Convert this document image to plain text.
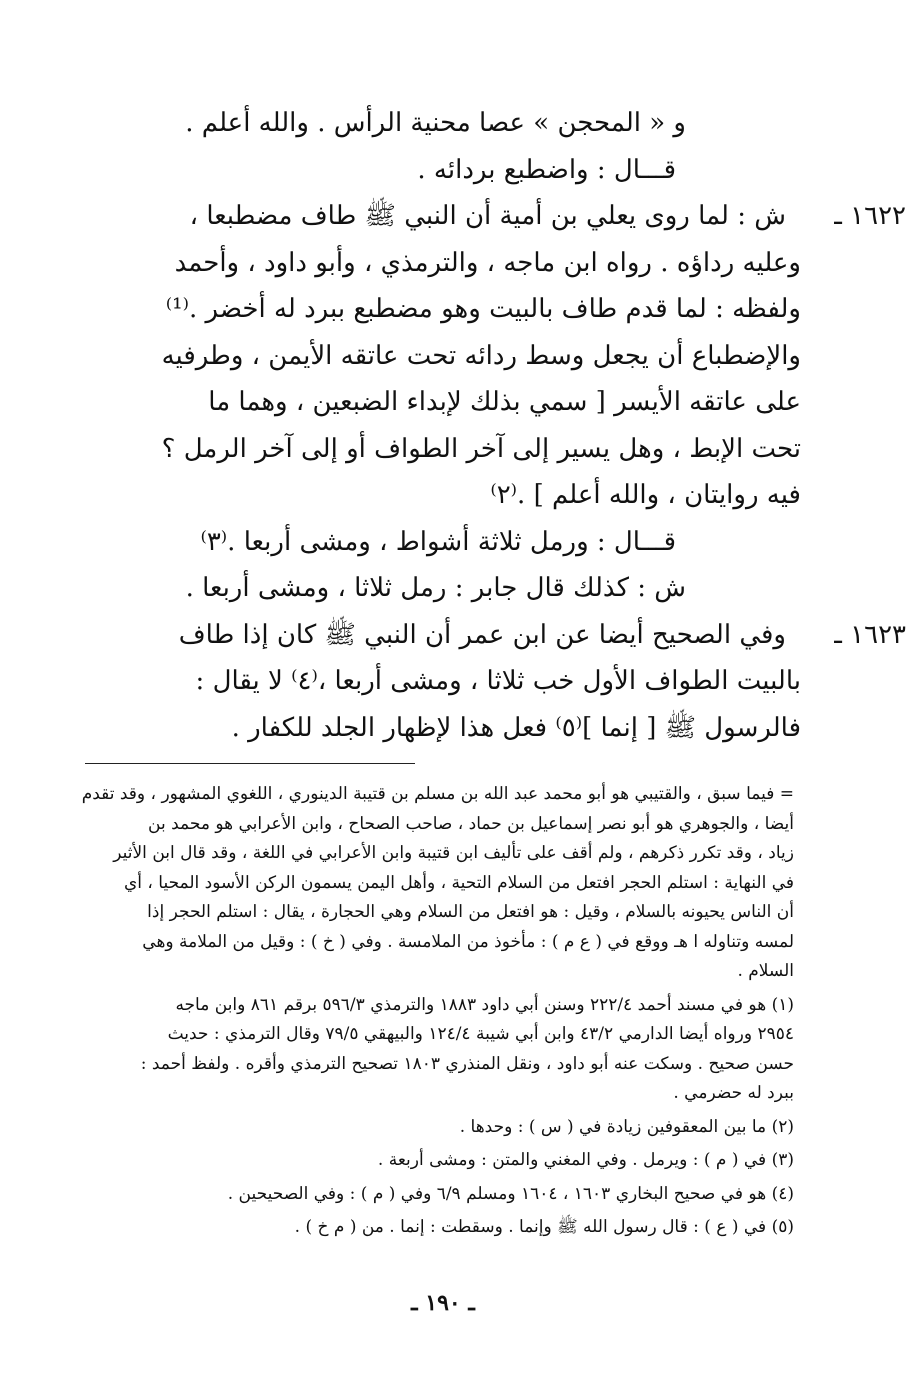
و « المحجن » عصا محنية الرأس . والله أعلم .
قـــال : واضطبع بردائه .
١٦٢٢ ـ
ش : لما روى يعلي بن أمية أن النبي ﷺ طاف مضطبعا ،
وعليه رداؤه . رواه ابن ماجه ، والترمذي ، وأبو داود ، وأحمد
ولفظه : لما قدم طاف بالبيت وهو مضطبع ببرد له أخضر .⁽¹⁾
والإضطباع أن يجعل وسط ردائه تحت عاتقه الأيمن ، وطرفيه
على عاتقه الأيسر [ سمي بذلك لإبداء الضبعين ، وهما ما
تحت الإبط ، وهل يسير إلى آخر الطواف أو إلى آخر الرمل ؟
فيه روايتان ، والله أعلم ] .⁽٢⁾
قـــال : ورمل ثلاثة أشواط ، ومشى أربعا .⁽٣⁾
ش : كذلك قال جابر : رمل ثلاثا ، ومشى أربعا .
١٦٢٣ ـ
وفي الصحيح أيضا عن ابن عمر أن النبي ﷺ كان إذا طاف
بالبيت الطواف الأول خب ثلاثا ، ومشى أربعا ،⁽٤⁾ لا يقال :
فالرسول ﷺ [ إنما ]⁽٥⁾ فعل هذا لإظهار الجلد للكفار .
= فيما سبق ، والقتيبي هو أبو محمد عبد الله بن مسلم بن قتيبة الدينوري ، اللغوي المشهور ، وقد تقدم
أيضا ، والجوهري هو أبو نصر إسماعيل بن حماد ، صاحب الصحاح ، وابن الأعرابي هو محمد بن
زياد ، وقد تكرر ذكرهم ، ولم أقف على تأليف ابن قتيبة وابن الأعرابي في اللغة ، وقد قال ابن الأثير
في النهاية : استلم الحجر افتعل من السلام التحية ، وأهل اليمن يسمون الركن الأسود المحيا ، أي
أن الناس يحيونه بالسلام ، وقيل : هو افتعل من السلام وهي الحجارة ، يقال : استلم الحجر إذا
لمسه وتناوله ا هـ ووقع في ( ع م ) : مأخوذ من الملامسة . وفي ( خ ) : وقيل من الملامة وهي
السلام .
(١) هو في مسند أحمد ٢٢٢/٤ وسنن أبي داود ١٨٨٣ والترمذي ٥٩٦/٣ برقم ٨٦١ وابن ماجه
٢٩٥٤ ورواه أيضا الدارمي ٤٣/٢ وابن أبي شيبة ١٢٤/٤ والبيهقي ٧٩/٥ وقال الترمذي : حديث
حسن صحيح . وسكت عنه أبو داود ، ونقل المنذري ١٨٠٣ تصحيح الترمذي وأقره . ولفظ أحمد :
ببرد له حضرمي .
(٢) ما بين المعقوفين زيادة في ( س ) : وحدها .
(٣) في ( م ) : ويرمل . وفي المغني والمتن : ومشى أربعة .
(٤) هو في صحيح البخاري ١٦٠٣ ، ١٦٠٤ ومسلم ٦/٩ وفي ( م ) : وفي الصحيحين .
(٥) في ( ع ) : قال رسول الله ﷺ وإنما . وسقطت : إنما . من ( م خ ) .
ـ ١٩٠ ـ
